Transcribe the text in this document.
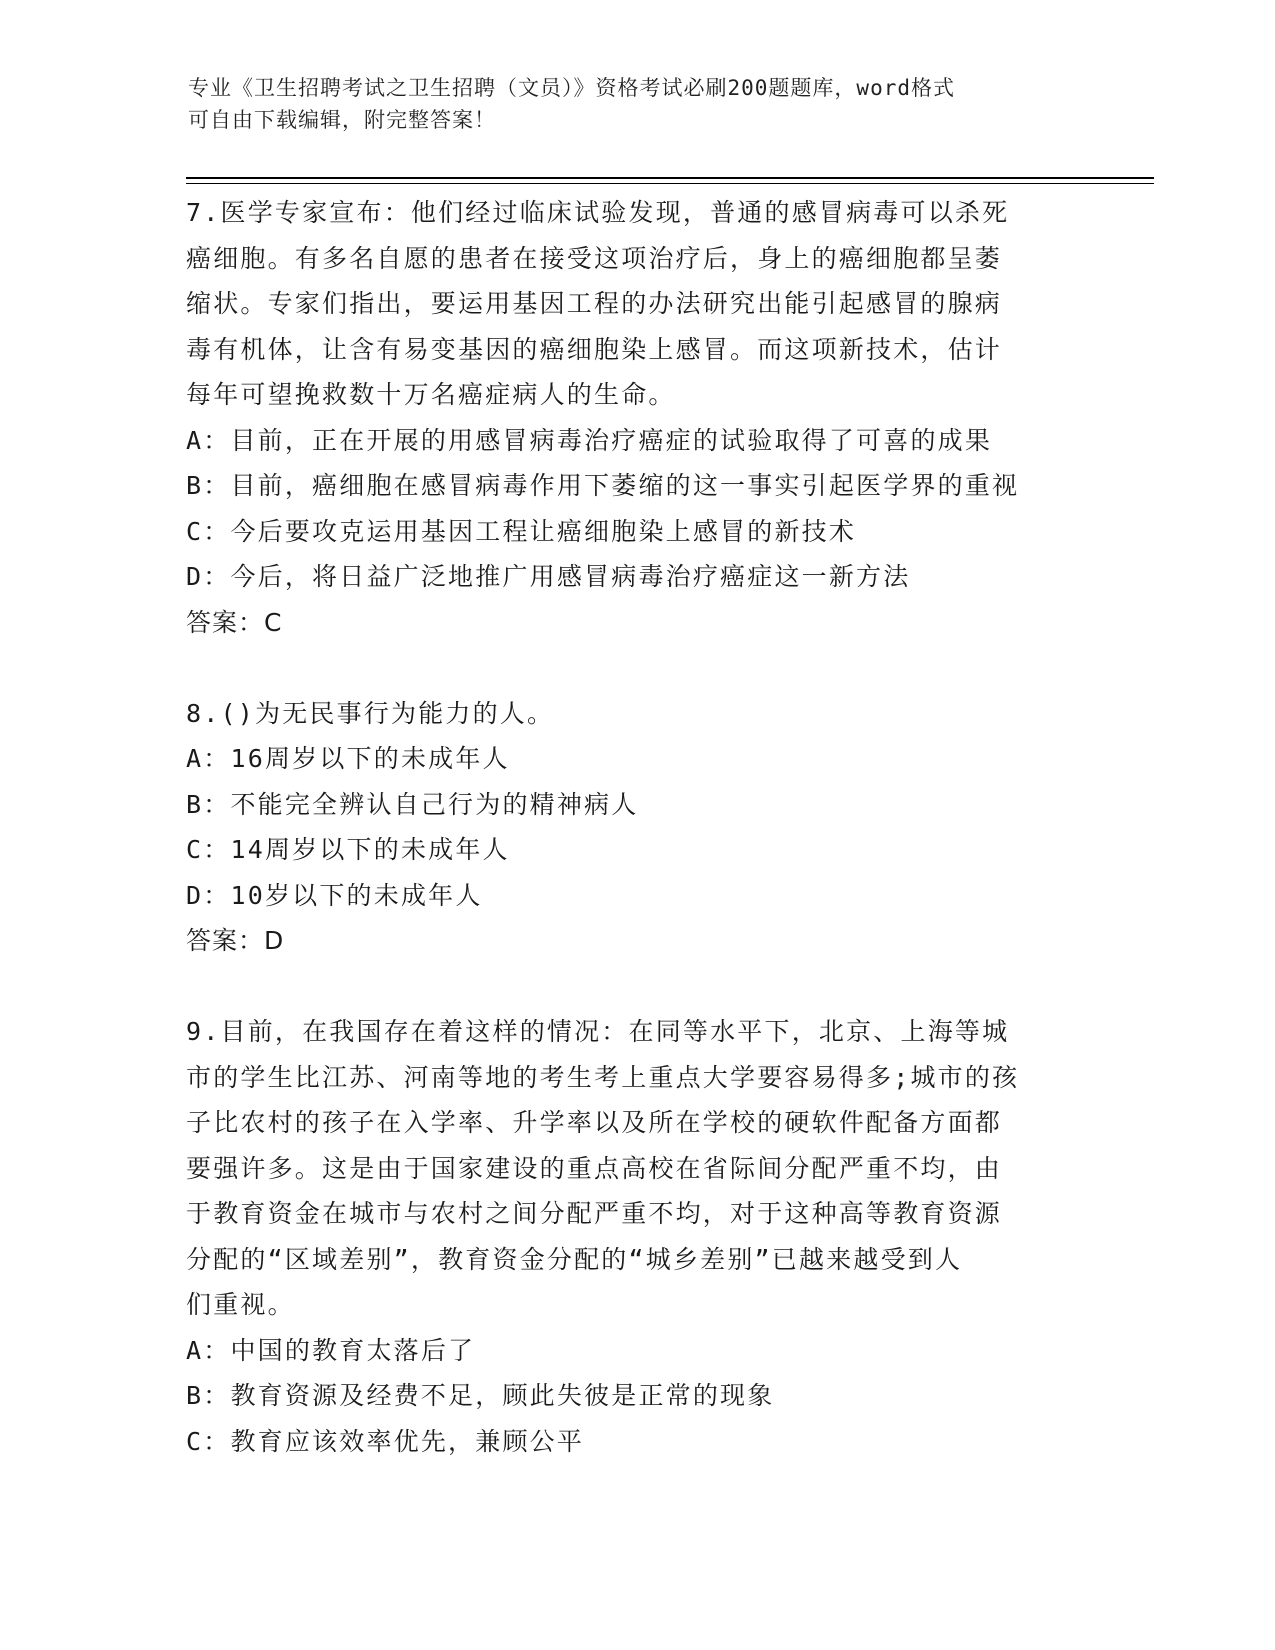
专业《卫生招聘考试之卫生招聘（文员）》资格考试必刷200题题库，word格式
可自由下载编辑，附完整答案！
7.医学专家宣布：他们经过临床试验发现，普通的感冒病毒可以杀死
癌细胞。有多名自愿的患者在接受这项治疗后，身上的癌细胞都呈萎
缩状。专家们指出，要运用基因工程的办法研究出能引起感冒的腺病
毒有机体，让含有易变基因的癌细胞染上感冒。而这项新技术，估计
每年可望挽救数十万名癌症病人的生命。
A：目前，正在开展的用感冒病毒治疗癌症的试验取得了可喜的成果
B：目前，癌细胞在感冒病毒作用下萎缩的这一事实引起医学界的重视
C：今后要攻克运用基因工程让癌细胞染上感冒的新技术
D：今后，将日益广泛地推广用感冒病毒治疗癌症这一新方法
答案：C
8.()为无民事行为能力的人。
A：16周岁以下的未成年人
B：不能完全辨认自己行为的精神病人
C：14周岁以下的未成年人
D：10岁以下的未成年人
答案：D
9.目前，在我国存在着这样的情况：在同等水平下，北京、上海等城
市的学生比江苏、河南等地的考生考上重点大学要容易得多;城市的孩
子比农村的孩子在入学率、升学率以及所在学校的硬软件配备方面都
要强许多。这是由于国家建设的重点高校在省际间分配严重不均，由
于教育资金在城市与农村之间分配严重不均，对于这种高等教育资源
分配的“区域差别”，教育资金分配的“城乡差别”已越来越受到人
们重视。
A：中国的教育太落后了
B：教育资源及经费不足，顾此失彼是正常的现象
C：教育应该效率优先，兼顾公平
